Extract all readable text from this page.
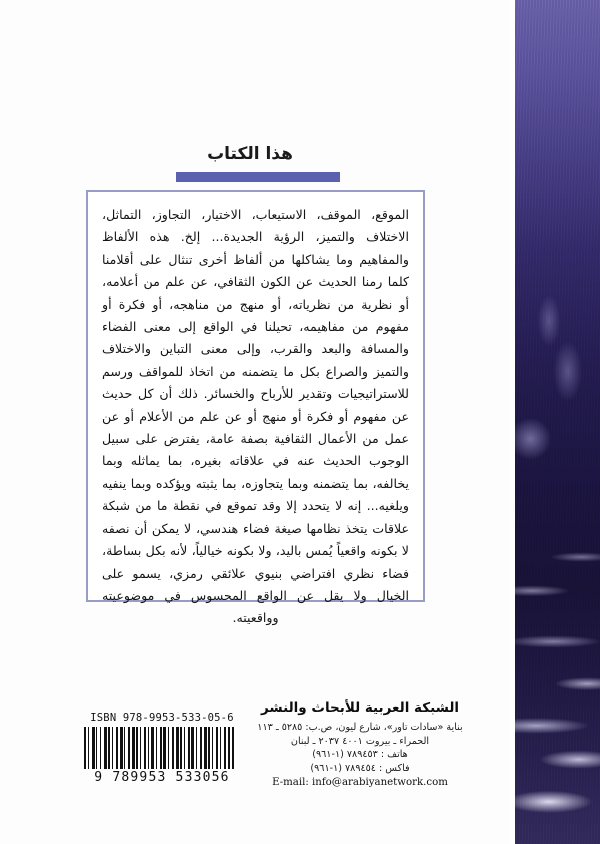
هذا الكتاب

الموقع، الموقف، الاستيعاب، الاختيار، التجاوز، التماثل، الاختلاف والتميز، الرؤية الجديدة... إلخ. هذه الألفاظ والمفاهيم وما يشاكلها من ألفاظ أخرى تنثال على أقلامنا كلما رمنا الحديث عن الكون الثقافي، عن علم من أعلامه، أو نظرية من نظرياته، أو منهج من مناهجه، أو فكرة أو مفهوم من مفاهيمه، تحيلنا في الواقع إلى معنى الفضاء والمسافة والبعد والقرب، وإلى معنى التباين والاختلاف والتميز والصراع بكل ما يتضمنه من اتخاذ للمواقف ورسم للاستراتيجيات وتقدير للأرباح والخسائر. ذلك أن كل حديث عن مفهوم أو فكرة أو منهج أو عن علم من الأعلام أو عن عمل من الأعمال الثقافية بصفة عامة، يفترض على سبيل الوجوب الحديث عنه في علاقاته بغيره، بما يماثله وبما يخالفه، بما يتضمنه وبما يتجاوزه، بما يثبته ويؤكده وبما ينفيه ويلغيه... إنه لا يتحدد إلا وقد تموقع في نقطة ما من شبكة علاقات يتخذ نظامها صيغة فضاء هندسي، لا يمكن أن نصفه لا بكونه واقعياً يُمس باليد، ولا بكونه خيالياً، لأنه بكل بساطة، فضاء نظري افتراضي بنيوي علائقي رمزي، يسمو على الخيال ولا يقل عن الواقع المحسوس في موضوعيته وواقعيته.

ISBN 978-9953-533-05-6
9 789953 533056
الشبكة العربية للأبحاث والنشر
بناية «سادات تاور»، شارع ليون، ص.ب: ٥٢٨٥ ـ ١١٣
الحمراء ـ بيروت ٤٠٠١ ٢٠٣٧ ـ لبنان
هاتف : ٧٨٩٤٥٣ (١-٩٦١)
فاكس : ٧٨٩٤٥٤ (١-٩٦١)
E-mail: info@arabiyanetwork.com
